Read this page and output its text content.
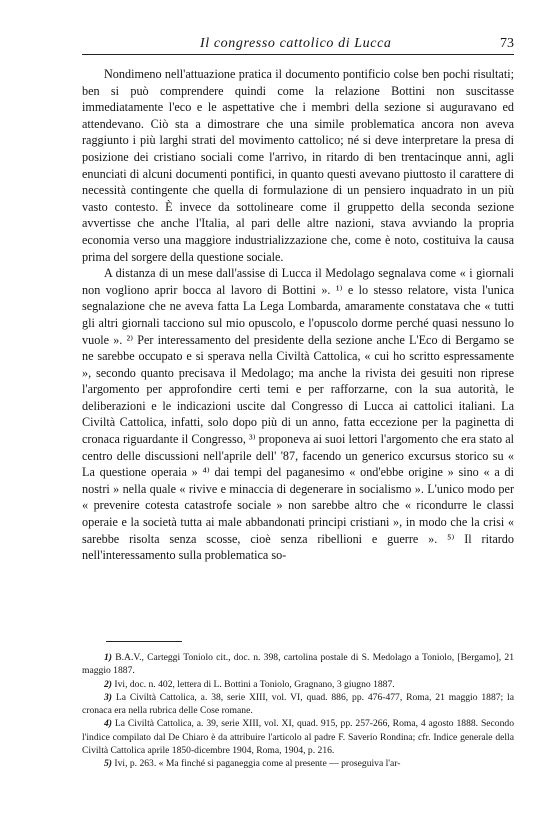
Il congresso cattolico di Lucca	73

Nondimeno nell'attuazione pratica il documento pontificio colse ben pochi risultati; ben si può comprendere quindi come la relazione Bottini non suscitasse immediatamente l'eco e le aspettative che i membri della sezione si auguravano ed attendevano. Ciò sta a dimostrare che una simile problematica ancora non aveva raggiunto i più larghi strati del movimento cattolico; né si deve interpretare la presa di posizione dei cristiano sociali come l'arrivo, in ritardo di ben trentacinque anni, agli enunciati di alcuni documenti pontifici, in quanto questi avevano piuttosto il carattere di necessità contingente che quella di formulazione di un pensiero inquadrato in un più vasto contesto. È invece da sottolineare come il gruppetto della seconda sezione avvertisse che anche l'Italia, al pari delle altre nazioni, stava avviando la propria economia verso una maggiore industrializzazione che, come è noto, costituiva la causa prima del sorgere della questione sociale.

A distanza di un mese dall'assise di Lucca il Medolago segnalava come « i giornali non vogliono aprir bocca al lavoro di Bottini ». ¹⁾ e lo stesso relatore, vista l'unica segnalazione che ne aveva fatta La Lega Lombarda, amaramente constatava che « tutti gli altri giornali tacciono sul mio opuscolo, e l'opuscolo dorme perché quasi nessuno lo vuole ». ²⁾ Per interessamento del presidente della sezione anche L'Eco di Bergamo se ne sarebbe occupato e si sperava nella Civiltà Cattolica, « cui ho scritto espressamente », secondo quanto precisava il Medolago; ma anche la rivista dei gesuiti non riprese l'argomento per approfondire certi temi e per rafforzarne, con la sua autorità, le deliberazioni e le indicazioni uscite dal Congresso di Lucca ai cattolici italiani. La Civiltà Cattolica, infatti, solo dopo più di un anno, fatta eccezione per la paginetta di cronaca riguardante il Congresso, ³⁾ proponeva ai suoi lettori l'argomento che era stato al centro delle discussioni nell'aprile dell' '87, facendo un generico excursus storico su « La questione operaia » ⁴⁾ dai tempi del paganesimo « ond'ebbe origine » sino « a di nostri » nella quale « rivive e minaccia di degenerare in socialismo ». L'unico modo per « prevenire cotesta catastrofe sociale » non sarebbe altro che « ricondurre le classi operaie e la società tutta ai male abbandonati principi cristiani », in modo che la crisi « sarebbe risolta senza scosse, cioè senza ribellioni e guerre ». ⁵⁾ Il ritardo nell'interessamento sulla problematica so-

1) B.A.V., Carteggi Toniolo cit., doc. n. 398, cartolina postale di S. Medolago a Toniolo, [Bergamo], 21 maggio 1887.

2) Ivi, doc. n. 402, lettera di L. Bottini a Toniolo, Gragnano, 3 giugno 1887.

3) La Civiltà Cattolica, a. 38, serie XIII, vol. VI, quad. 886, pp. 476-477, Roma, 21 maggio 1887; la cronaca era nella rubrica delle Cose romane.

4) La Civiltà Cattolica, a. 39, serie XIII, vol. XI, quad. 915, pp. 257-266, Roma, 4 agosto 1888. Secondo l'indice compilato dal De Chiaro è da attribuire l'articolo al padre F. Saverio Rondina; cfr. Indice generale della Civiltà Cattolica aprile 1850-dicembre 1904, Roma, 1904, p. 216.

5) Ivi, p. 263. « Ma finché si paganeggia come al presente — proseguiva l'ar-
